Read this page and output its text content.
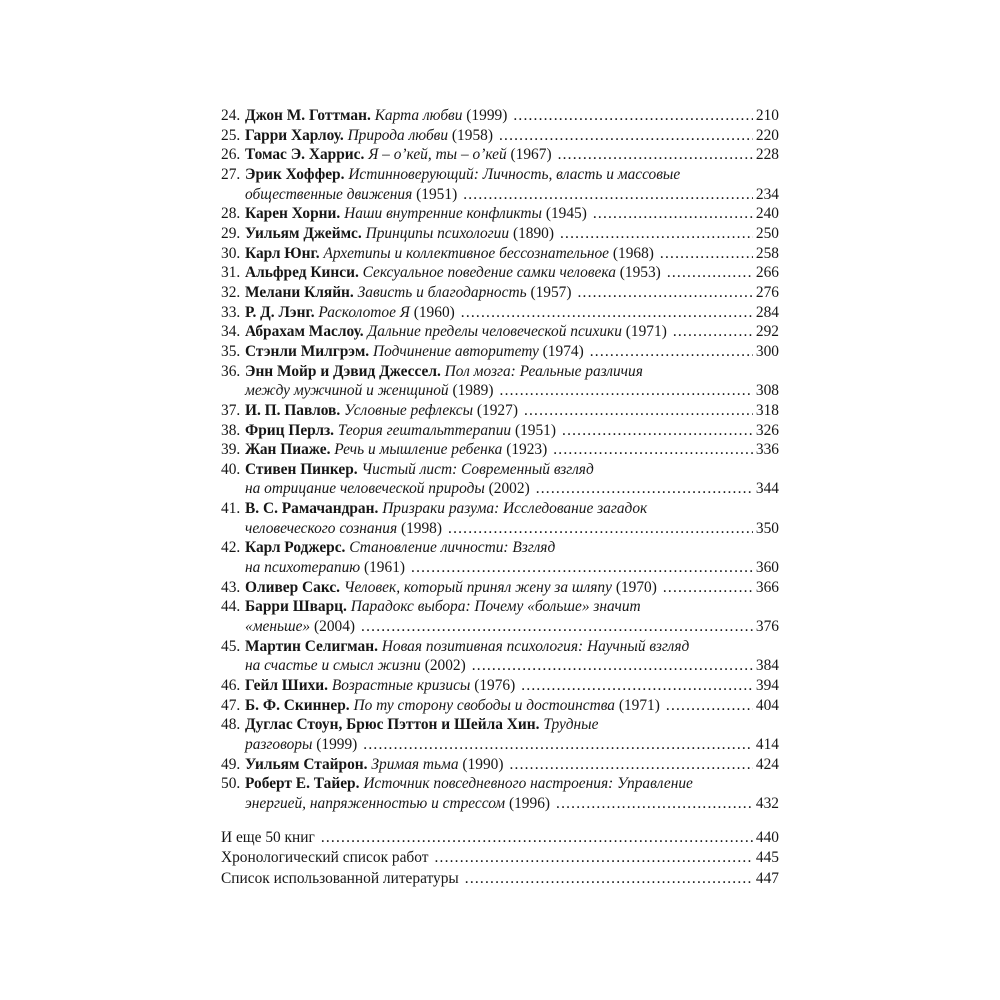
24. Джон М. Готтман. Карта любви (1999) .....	210
25. Гарри Харлоу. Природа любви (1958) .....	220
26. Томас Э. Харрис. Я – о’кей, ты – о’кей (1967) .....	228
27. Эрик Хоффер. Истинноверующий: Личность, власть и массовые
общественные движения (1951) .....	234
28. Карен Хорни. Наши внутренние конфликты (1945) .....	240
29. Уильям Джеймс. Принципы психологии (1890) .....	250
30. Карл Юнг. Архетипы и коллективное бессознательное (1968) .....	258
31. Альфред Кинси. Сексуальное поведение самки человека (1953) .....	266
32. Мелани Кляйн. Зависть и благодарность (1957) .....	276
33. Р. Д. Лэнг. Расколотое Я (1960) .....	284
34. Абрахам Маслоу. Дальние пределы человеческой психики (1971) .....	292
35. Стэнли Милгрэм. Подчинение авторитету (1974) .....	300
36. Энн Мойр и Дэвид Джессел. Пол мозга: Реальные различия
между мужчиной и женщиной (1989) .....	308
37. И. П. Павлов. Условные рефлексы (1927) .....	318
38. Фриц Перлз. Теория гештальттерапии (1951) .....	326
39. Жан Пиаже. Речь и мышление ребенка (1923) .....	336
40. Стивен Пинкер. Чистый лист: Современный взгляд
на отрицание человеческой природы (2002) .....	344
41. В. С. Рамачандран. Призраки разума: Исследование загадок
человеческого сознания (1998) .....	350
42. Карл Роджерс. Становление личности: Взгляд
на психотерапию (1961) .....	360
43. Оливер Сакс. Человек, который принял жену за шляпу (1970) .....	366
44. Барри Шварц. Парадокс выбора: Почему «больше» значит
«меньше» (2004) .....	376
45. Мартин Селигман. Новая позитивная психология: Научный взгляд
на счастье и смысл жизни (2002) .....	384
46. Гейл Шихи. Возрастные кризисы (1976) .....	394
47. Б. Ф. Скиннер. По ту сторону свободы и достоинства (1971) .....	404
48. Дуглас Стоун, Брюс Пэттон и Шейла Хин. Трудные
разговоры (1999) .....	414
49. Уильям Стайрон. Зримая тьма (1990) .....	424
50. Роберт Е. Тайер. Источник повседневного настроения: Управление
энергией, напряженностью и стрессом (1996) .....	432
И еще 50 книг .....	440
Хронологический список работ .....	445
Список использованной литературы .....	447
